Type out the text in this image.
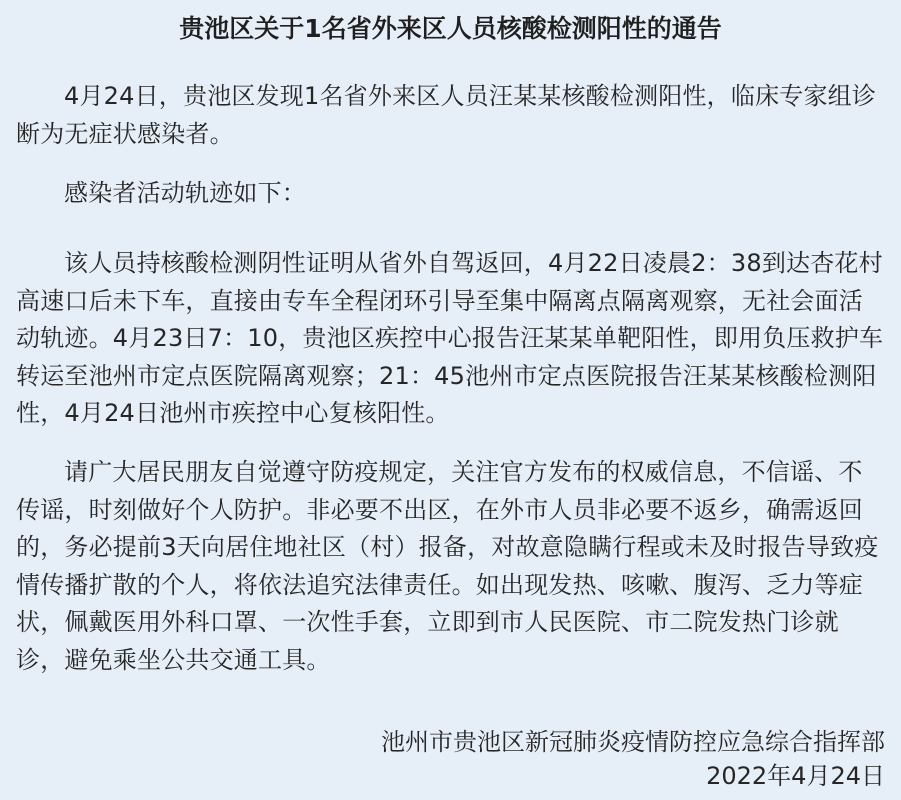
贵池区关于1名省外来区人员核酸检测阳性的通告
4月24日，贵池区发现1名省外来区人员汪某某核酸检测阳性，临床专家组诊断为无症状感染者。
感染者活动轨迹如下：
该人员持核酸检测阴性证明从省外自驾返回，4月22日凌晨2：38到达杏花村高速口后未下车，直接由专车全程闭环引导至集中隔离点隔离观察，无社会面活动轨迹。4月23日7：10，贵池区疾控中心报告汪某某单靶阳性，即用负压救护车转运至池州市定点医院隔离观察；21：45池州市定点医院报告汪某某核酸检测阳性，4月24日池州市疾控中心复核阳性。
请广大居民朋友自觉遵守防疫规定，关注官方发布的权威信息，不信谣、不传谣，时刻做好个人防护。非必要不出区，在外市人员非必要不返乡，确需返回的，务必提前3天向居住地社区（村）报备，对故意隐瞒行程或未及时报告导致疫情传播扩散的个人，将依法追究法律责任。如出现发热、咳嗽、腹泻、乏力等症状，佩戴医用外科口罩、一次性手套，立即到市人民医院、市二院发热门诊就诊，避免乘坐公共交通工具。
池州市贵池区新冠肺炎疫情防控应急综合指挥部
2022年4月24日
